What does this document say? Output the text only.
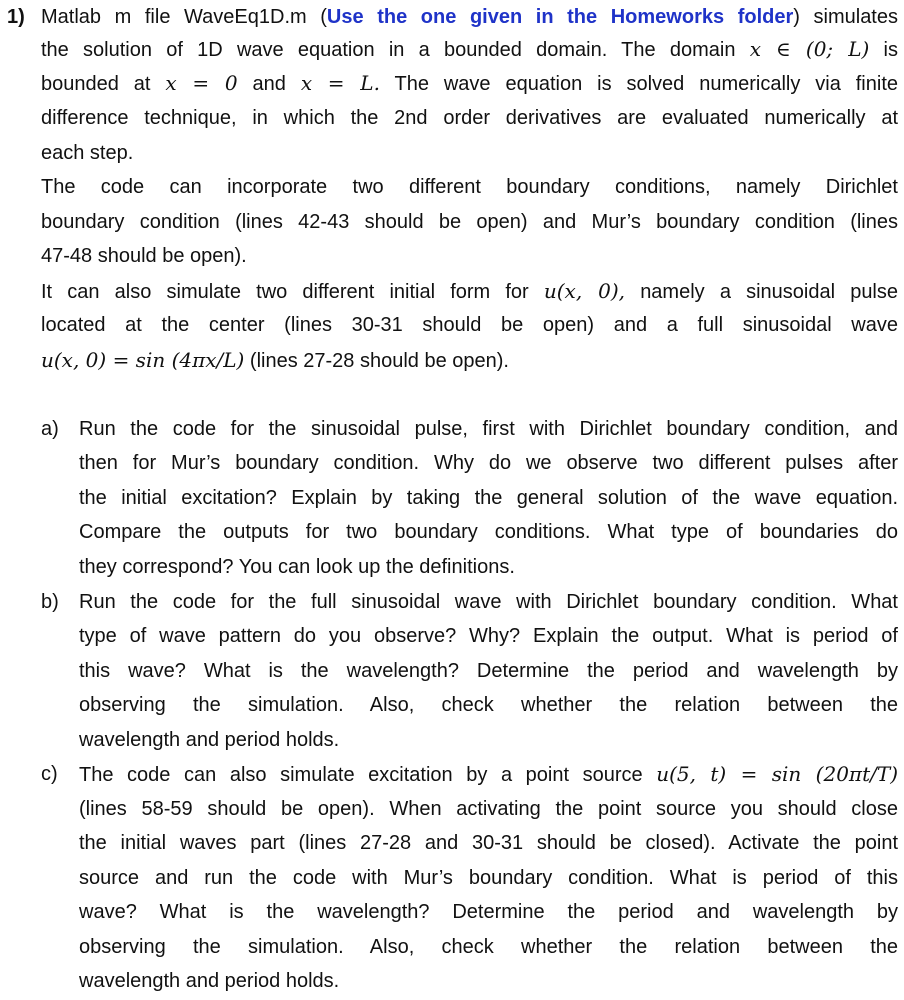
1) Matlab m file WaveEq1D.m (Use the one given in the Homeworks folder) simulates
the solution of 1D wave equation in a bounded domain. The domain x ∈ (0; L) is
bounded at x = 0 and x = L. The wave equation is solved numerically via finite
difference technique, in which the 2nd order derivatives are evaluated numerically at
each step.
The code can incorporate two different boundary conditions, namely Dirichlet
boundary condition (lines 42-43 should be open) and Mur’s boundary condition (lines
47-48 should be open).
It can also simulate two different initial form for u(x, 0), namely a sinusoidal pulse
located at the center (lines 30-31 should be open) and a full sinusoidal wave
u(x, 0) = sin (4πx/L) (lines 27-28 should be open).
a) Run the code for the sinusoidal pulse, first with Dirichlet boundary condition, and
then for Mur’s boundary condition. Why do we observe two different pulses after
the initial excitation? Explain by taking the general solution of the wave equation.
Compare the outputs for two boundary conditions. What type of boundaries do
they correspond? You can look up the definitions.
b) Run the code for the full sinusoidal wave with Dirichlet boundary condition. What
type of wave pattern do you observe? Why? Explain the output. What is period of
this wave? What is the wavelength? Determine the period and wavelength by
observing the simulation. Also, check whether the relation between the
wavelength and period holds.
c) The code can also simulate excitation by a point source u(5, t) = sin (20πt/T)
(lines 58-59 should be open). When activating the point source you should close
the initial waves part (lines 27-28 and 30-31 should be closed). Activate the point
source and run the code with Mur’s boundary condition. What is period of this
wave? What is the wavelength? Determine the period and wavelength by
observing the simulation. Also, check whether the relation between the
wavelength and period holds.
